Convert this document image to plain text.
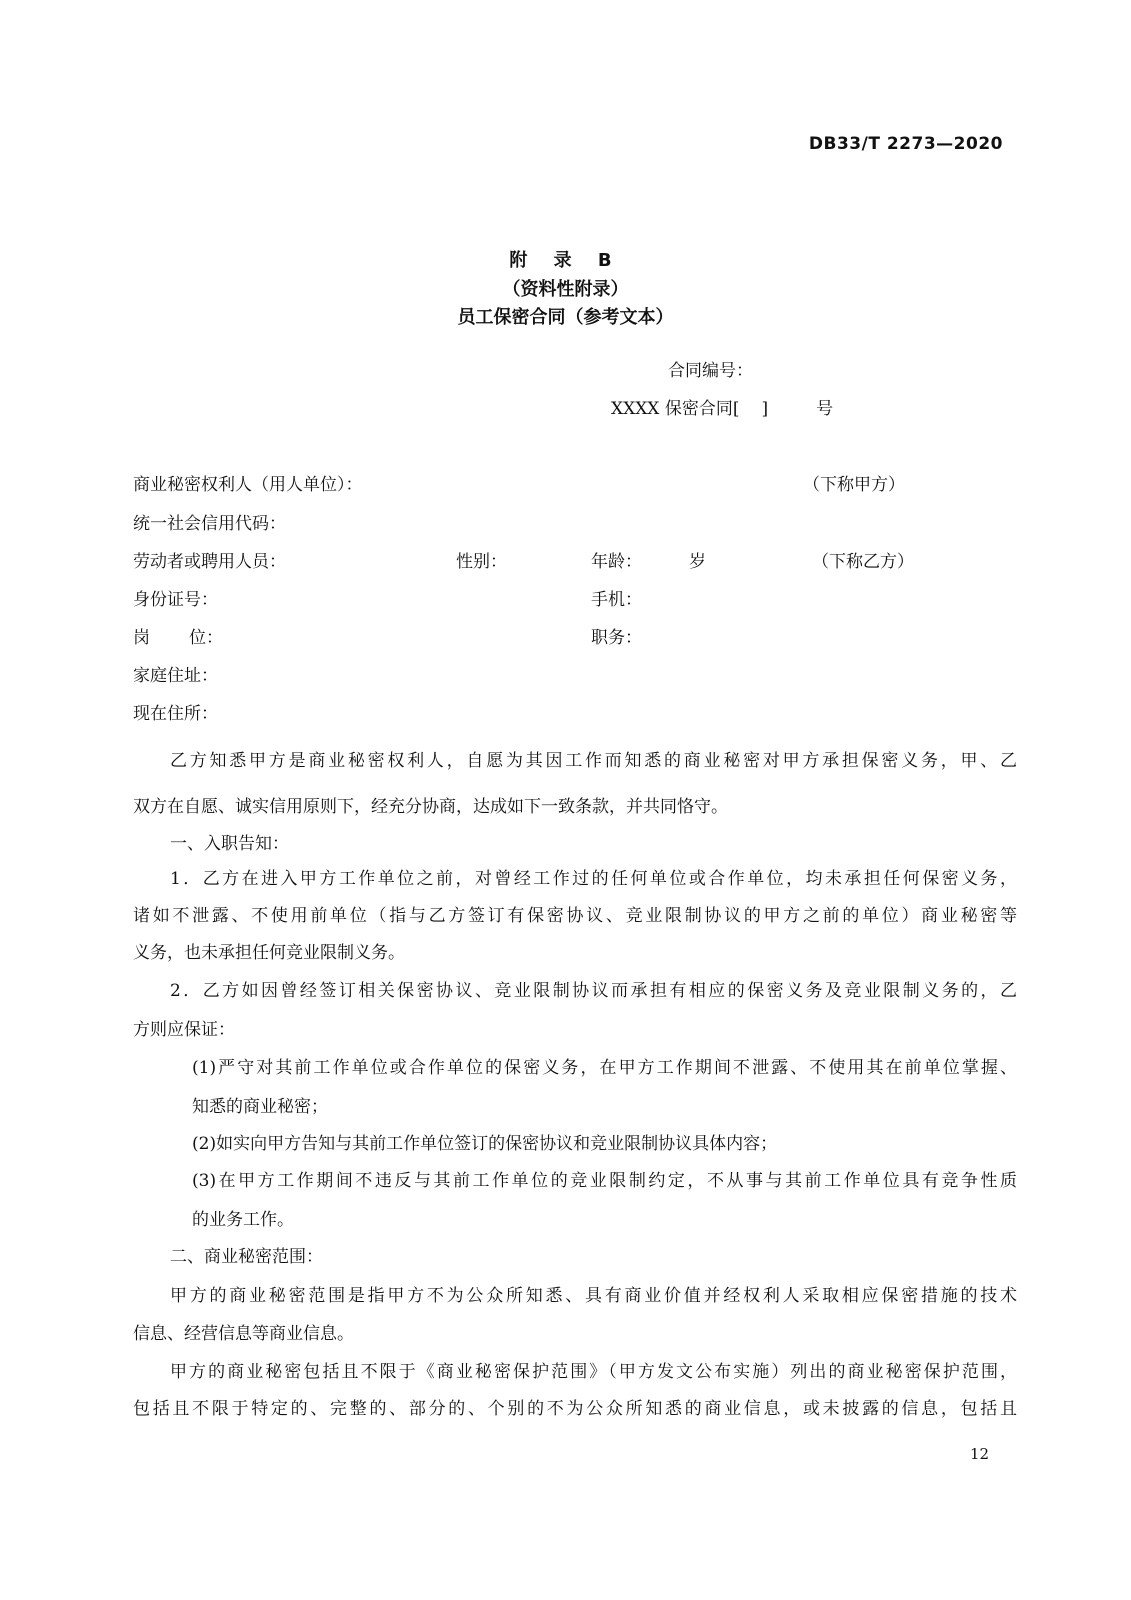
DB33/T 2273—2020
附 录 B
（资料性附录）
员工保密合同（参考文本）
合同编号：
XXXX 保密合同[ ]	号
商业秘密权利人（用人单位）：	（下称甲方）
统一社会信用代码：
劳动者或聘用人员：	性别：	年龄：	岁	（下称乙方）
身份证号：	手机：
岗 位：	职务：
家庭住址：
现在住所：

乙方知悉甲方是商业秘密权利人，自愿为其因工作而知悉的商业秘密对甲方承担保密义务，甲、乙

双方在自愿、诚实信用原则下，经充分协商，达成如下一致条款，并共同恪守。

一、入职告知：

1．乙方在进入甲方工作单位之前，对曾经工作过的任何单位或合作单位，均未承担任何保密义务，

诸如不泄露、不使用前单位（指与乙方签订有保密协议、竞业限制协议的甲方之前的单位）商业秘密等

义务，也未承担任何竞业限制义务。

2．乙方如因曾经签订相关保密协议、竞业限制协议而承担有相应的保密义务及竞业限制义务的，乙

方则应保证：

(1)严守对其前工作单位或合作单位的保密义务，在甲方工作期间不泄露、不使用其在前单位掌握、

知悉的商业秘密；

(2)如实向甲方告知与其前工作单位签订的保密协议和竞业限制协议具体内容；

(3)在甲方工作期间不违反与其前工作单位的竞业限制约定，不从事与其前工作单位具有竞争性质

的业务工作。

二、商业秘密范围：

甲方的商业秘密范围是指甲方不为公众所知悉、具有商业价值并经权利人采取相应保密措施的技术

信息、经营信息等商业信息。

甲方的商业秘密包括且不限于《商业秘密保护范围》（甲方发文公布实施）列出的商业秘密保护范围，

包括且不限于特定的、完整的、部分的、个别的不为公众所知悉的商业信息，或未披露的信息，包括且

12
